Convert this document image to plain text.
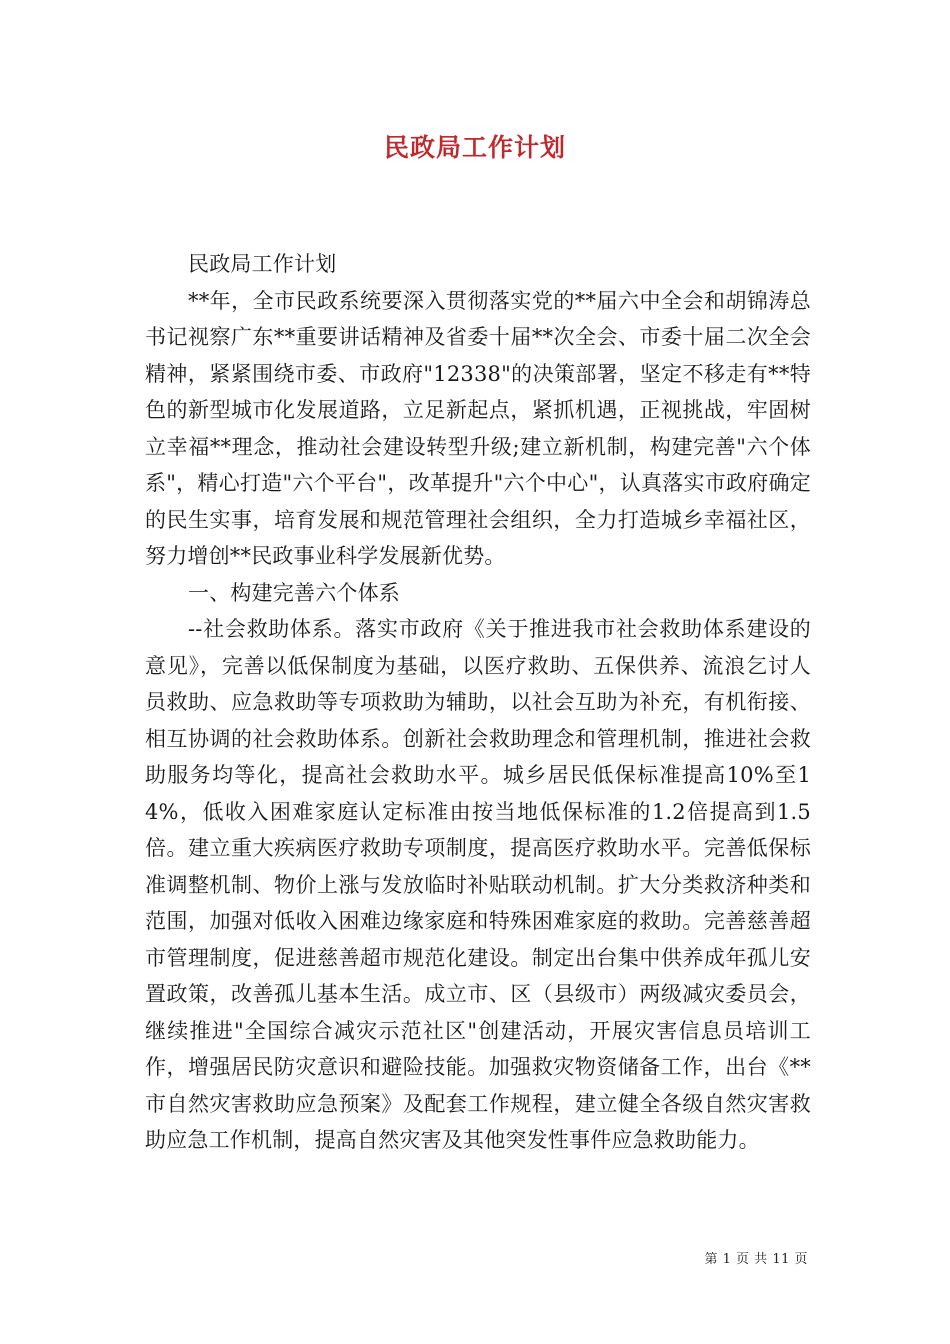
民政局工作计划

民政局工作计划

**年，全市民政系统要深入贯彻落实党的**届六中全会和胡锦涛总书记视察广东**重要讲话精神及省委十届**次全会、市委十届二次全会精神，紧紧围绕市委、市政府"12338"的决策部署，坚定不移走有**特色的新型城市化发展道路，立足新起点，紧抓机遇，正视挑战，牢固树立幸福**理念，推动社会建设转型升级;建立新机制，构建完善"六个体系"，精心打造"六个平台"，改革提升"六个中心"，认真落实市政府确定的民生实事，培育发展和规范管理社会组织，全力打造城乡幸福社区，努力增创**民政事业科学发展新优势。

一、构建完善六个体系

--社会救助体系。落实市政府《关于推进我市社会救助体系建设的意见》，完善以低保制度为基础，以医疗救助、五保供养、流浪乞讨人员救助、应急救助等专项救助为辅助，以社会互助为补充，有机衔接、相互协调的社会救助体系。创新社会救助理念和管理机制，推进社会救助服务均等化，提高社会救助水平。城乡居民低保标准提高10%至14%，低收入困难家庭认定标准由按当地低保标准的1.2倍提高到1.5倍。建立重大疾病医疗救助专项制度，提高医疗救助水平。完善低保标准调整机制、物价上涨与发放临时补贴联动机制。扩大分类救济种类和范围，加强对低收入困难边缘家庭和特殊困难家庭的救助。完善慈善超市管理制度，促进慈善超市规范化建设。制定出台集中供养成年孤儿安置政策，改善孤儿基本生活。成立市、区（县级市）两级减灾委员会，继续推进"全国综合减灾示范社区"创建活动，开展灾害信息员培训工作，增强居民防灾意识和避险技能。加强救灾物资储备工作，出台《**市自然灾害救助应急预案》及配套工作规程，建立健全各级自然灾害救助应急工作机制，提高自然灾害及其他突发性事件应急救助能力。

第 1 页 共 11 页
